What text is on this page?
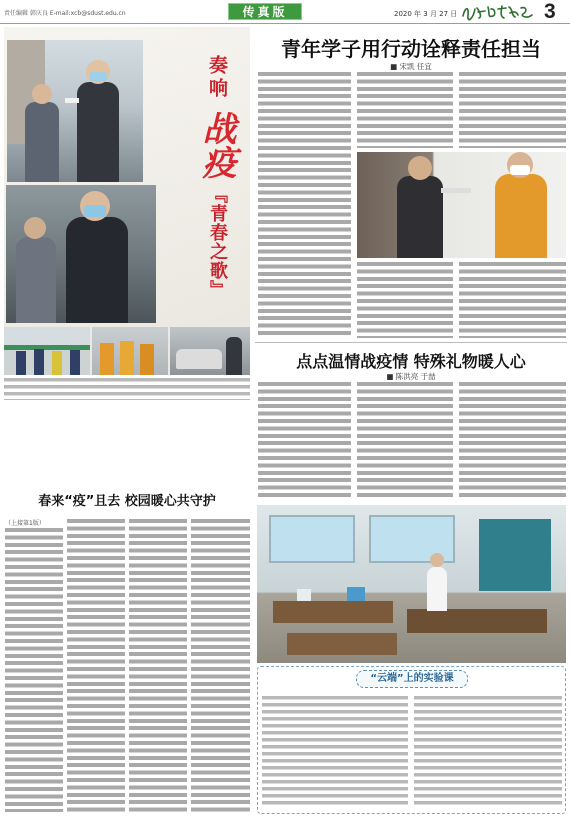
责任编辑 韩庆良 E-mail:xcb@sdust.edu.cn	传真版	2020 年 3 月 27 日	3
奏响
战疫
『青春之歌』
青年学子用行动诠释责任担当
■ 宋凯 任宜
点点温情战疫情 特殊礼物暖人心
■ 陈洪亮 于喆
“云端”上的实验课
春来“疫”且去 校园暖心共守护
（上接第1版）
